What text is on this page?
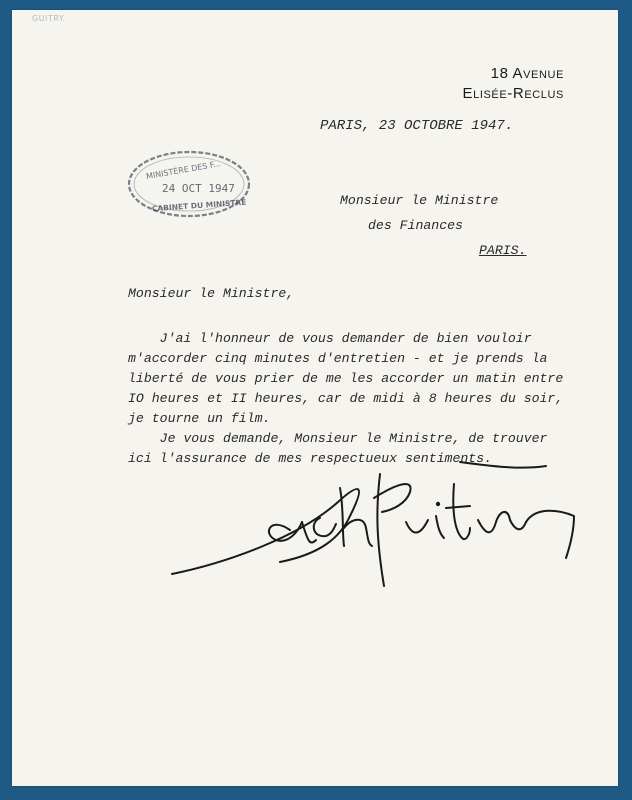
GUITRY.
18 Avenue
Elisée-Reclus
PARIS, 23 OCTOBRE 1947.
MINISTÈRE DES F...
24 OCT 1947
CABINET DU MINISTRE	Monsieur le Ministre
des Finances
PARIS.
Monsieur le Ministre,
J'ai l'honneur de vous demander de bien vouloir
m'accorder cinq minutes d'entretien - et je prends la
liberté de vous prier de me les accorder un matin entre
IO heures et II heures, car de midi à 8 heures du soir,
je tourne un film.
Je vous demande, Monsieur le Ministre, de trouver
ici l'assurance de mes respectueux sentiments.
